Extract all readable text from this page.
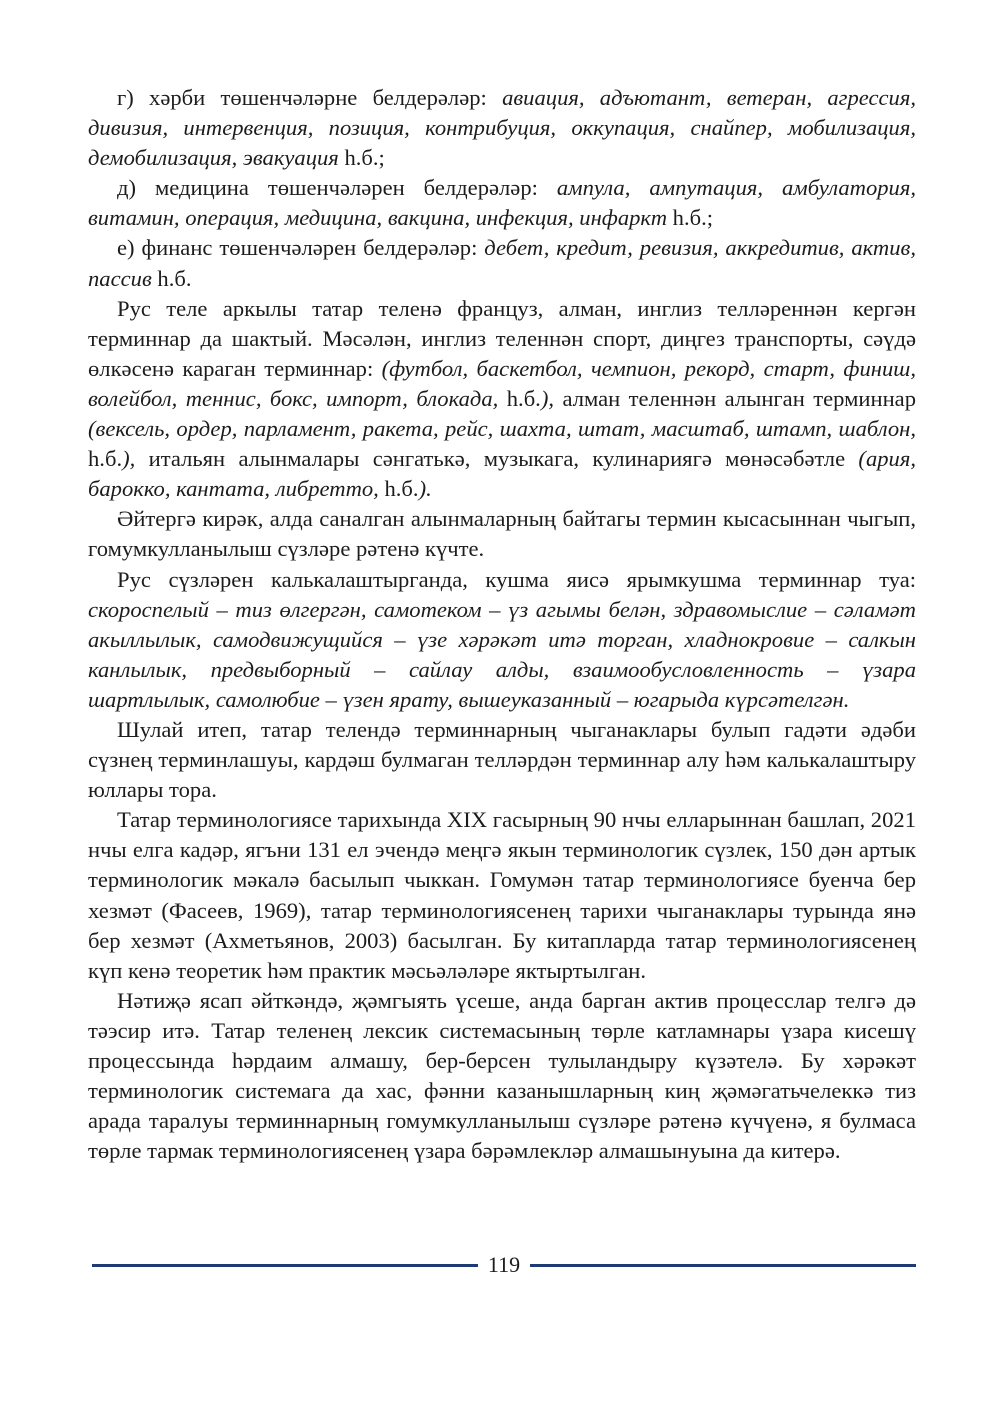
г) хәрби төшенчәләрне белдерәләр: авиация, адъютант, ветеран, агрессия, дивизия, интервенция, позиция, контрибуция, оккупация, снайпер, мобилизация, демобилизация, эвакуация һ.б.;

д) медицина төшенчәләрен белдерәләр: ампула, ампутация, амбулатория, витамин, операция, медицина, вакцина, инфекция, инфаркт һ.б.;

е) финанс төшенчәләрен белдерәләр: дебет, кредит, ревизия, аккредитив, актив, пассив һ.б.

Рус теле аркылы татар теленә француз, алман, инглиз телләреннән кергән терминнар да шактый. Мәсәлән, инглиз теленнән спорт, диңгез транспорты, сәүдә өлкәсенә караган терминнар: (футбол, баскетбол, чемпион, рекорд, старт, финиш, волейбол, теннис, бокс, импорт, блокада, һ.б.), алман теленнән алынган терминнар (вексель, ордер, парламент, ракета, рейс, шахта, штат, масштаб, штамп, шаблон, һ.б.), итальян алынмалары сәнгатькә, музыкага, кулинариягә мөнәсәбәтле (ария, барокко, кантата, либретто, һ.б.).

Әйтергә кирәк, алда саналган алынмаларның байтагы термин кысасыннан чыгып, гомумкулланылыш сүзләре рәтенә күчте.

Рус сүзләрен калькалаштырганда, кушма яисә ярымкушма терминнар туа: скороспелый – тиз өлгергән, самотеком – үз агымы белән, здравомыслие – сәламәт акыллылык, самодвижущийся – үзе хәрәкәт итә торган, хладнокровие – салкын канлылык, предвыборный – сайлау алды, взаимообусловленность – үзара шартлылык, самолюбие – үзен ярату, вышеуказанный – югарыда күрсәтелгән.

Шулай итеп, татар телендә терминнарның чыганаклары булып гадәти әдәби сүзнең терминлашуы, кардәш булмаган телләрдән терминнар алу һәм калькалаштыру юллары тора.

Татар терминологиясе тарихында XIX гасырның 90 нчы елларыннан башлап, 2021 нчы елга кадәр, ягъни 131 ел эчендә меңгә якын терминологик сүзлек, 150 дән артык терминологик мәкалә басылып чыккан. Гомумән татар терминологиясе буенча бер хезмәт (Фасеев, 1969), татар терминологиясенең тарихи чыганаклары турында янә бер хезмәт (Ахметьянов, 2003) басылган. Бу китапларда татар терминологиясенең күп кенә теоретик һәм практик мәсьәләләре яктыртылган.

Нәтиҗә ясап әйткәндә, җәмгыять үсеше, анда барган актив процесслар телгә дә тәэсир итә. Татар теленең лексик системасының төрле катламнары үзара кисешү процессында һәрдаим алмашу, бер-берсен тулыландыру күзәтелә. Бу хәрәкәт терминологик системага да хас, фәнни казанышларның киң җәмәгатьчелеккә тиз арада таралуы терминнарның гомумкулланылыш сүзләре рәтенә күчүенә, я булмаса төрле тармак терминологиясенең үзара бәрәмлекләр алмашынуына да китерә.

119
